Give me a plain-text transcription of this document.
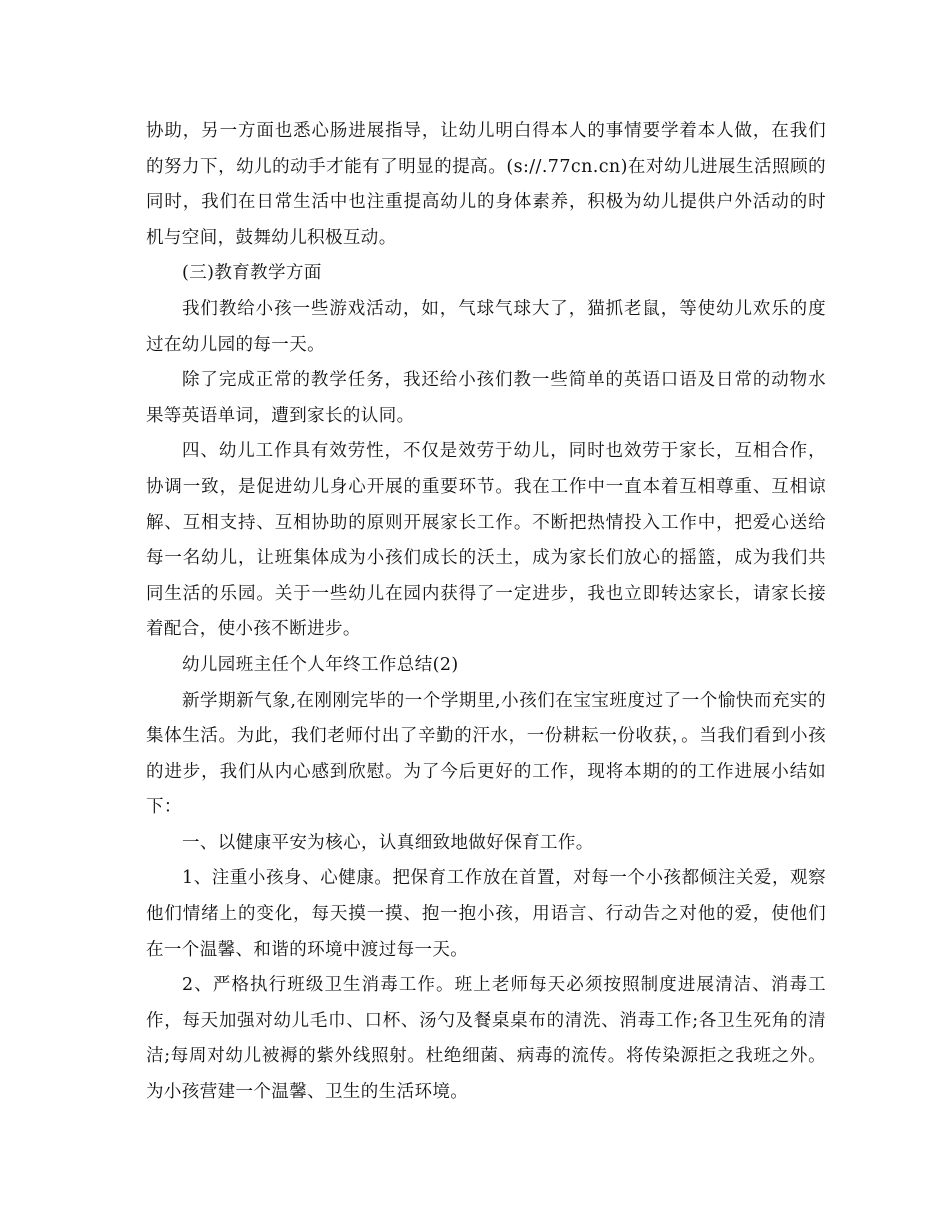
协助，另一方面也悉心肠进展指导，让幼儿明白得本人的事情要学着本人做，在我们的努力下，幼儿的动手才能有了明显的提高。(s://.77cn.cn)在对幼儿进展生活照顾的同时，我们在日常生活中也注重提高幼儿的身体素养，积极为幼儿提供户外活动的时机与空间，鼓舞幼儿积极互动。

(三)教育教学方面

我们教给小孩一些游戏活动，如，气球气球大了，猫抓老鼠，等使幼儿欢乐的度过在幼儿园的每一天。

除了完成正常的教学任务，我还给小孩们教一些简单的英语口语及日常的动物水果等英语单词，遭到家长的认同。

四、幼儿工作具有效劳性，不仅是效劳于幼儿，同时也效劳于家长，互相合作，协调一致，是促进幼儿身心开展的重要环节。我在工作中一直本着互相尊重、互相谅解、互相支持、互相协助的原则开展家长工作。不断把热情投入工作中，把爱心送给每一名幼儿，让班集体成为小孩们成长的沃土，成为家长们放心的摇篮，成为我们共同生活的乐园。关于一些幼儿在园内获得了一定进步，我也立即转达家长，请家长接着配合，使小孩不断进步。

幼儿园班主任个人年终工作总结(2)

新学期新气象,在刚刚完毕的一个学期里,小孩们在宝宝班度过了一个愉快而充实的集体生活。为此，我们老师付出了辛勤的汗水，一份耕耘一份收获，。当我们看到小孩的进步，我们从内心感到欣慰。为了今后更好的工作，现将本期的的工作进展小结如下：

一、以健康平安为核心，认真细致地做好保育工作。

1、注重小孩身、心健康。把保育工作放在首置，对每一个小孩都倾注关爱，观察他们情绪上的变化，每天摸一摸、抱一抱小孩，用语言、行动告之对他的爱，使他们在一个温馨、和谐的环境中渡过每一天。

2、严格执行班级卫生消毒工作。班上老师每天必须按照制度进展清洁、消毒工作，每天加强对幼儿毛巾、口杯、汤勺及餐桌桌布的清洗、消毒工作;各卫生死角的清洁;每周对幼儿被褥的紫外线照射。杜绝细菌、病毒的流传。将传染源拒之我班之外。为小孩营建一个温馨、卫生的生活环境。
